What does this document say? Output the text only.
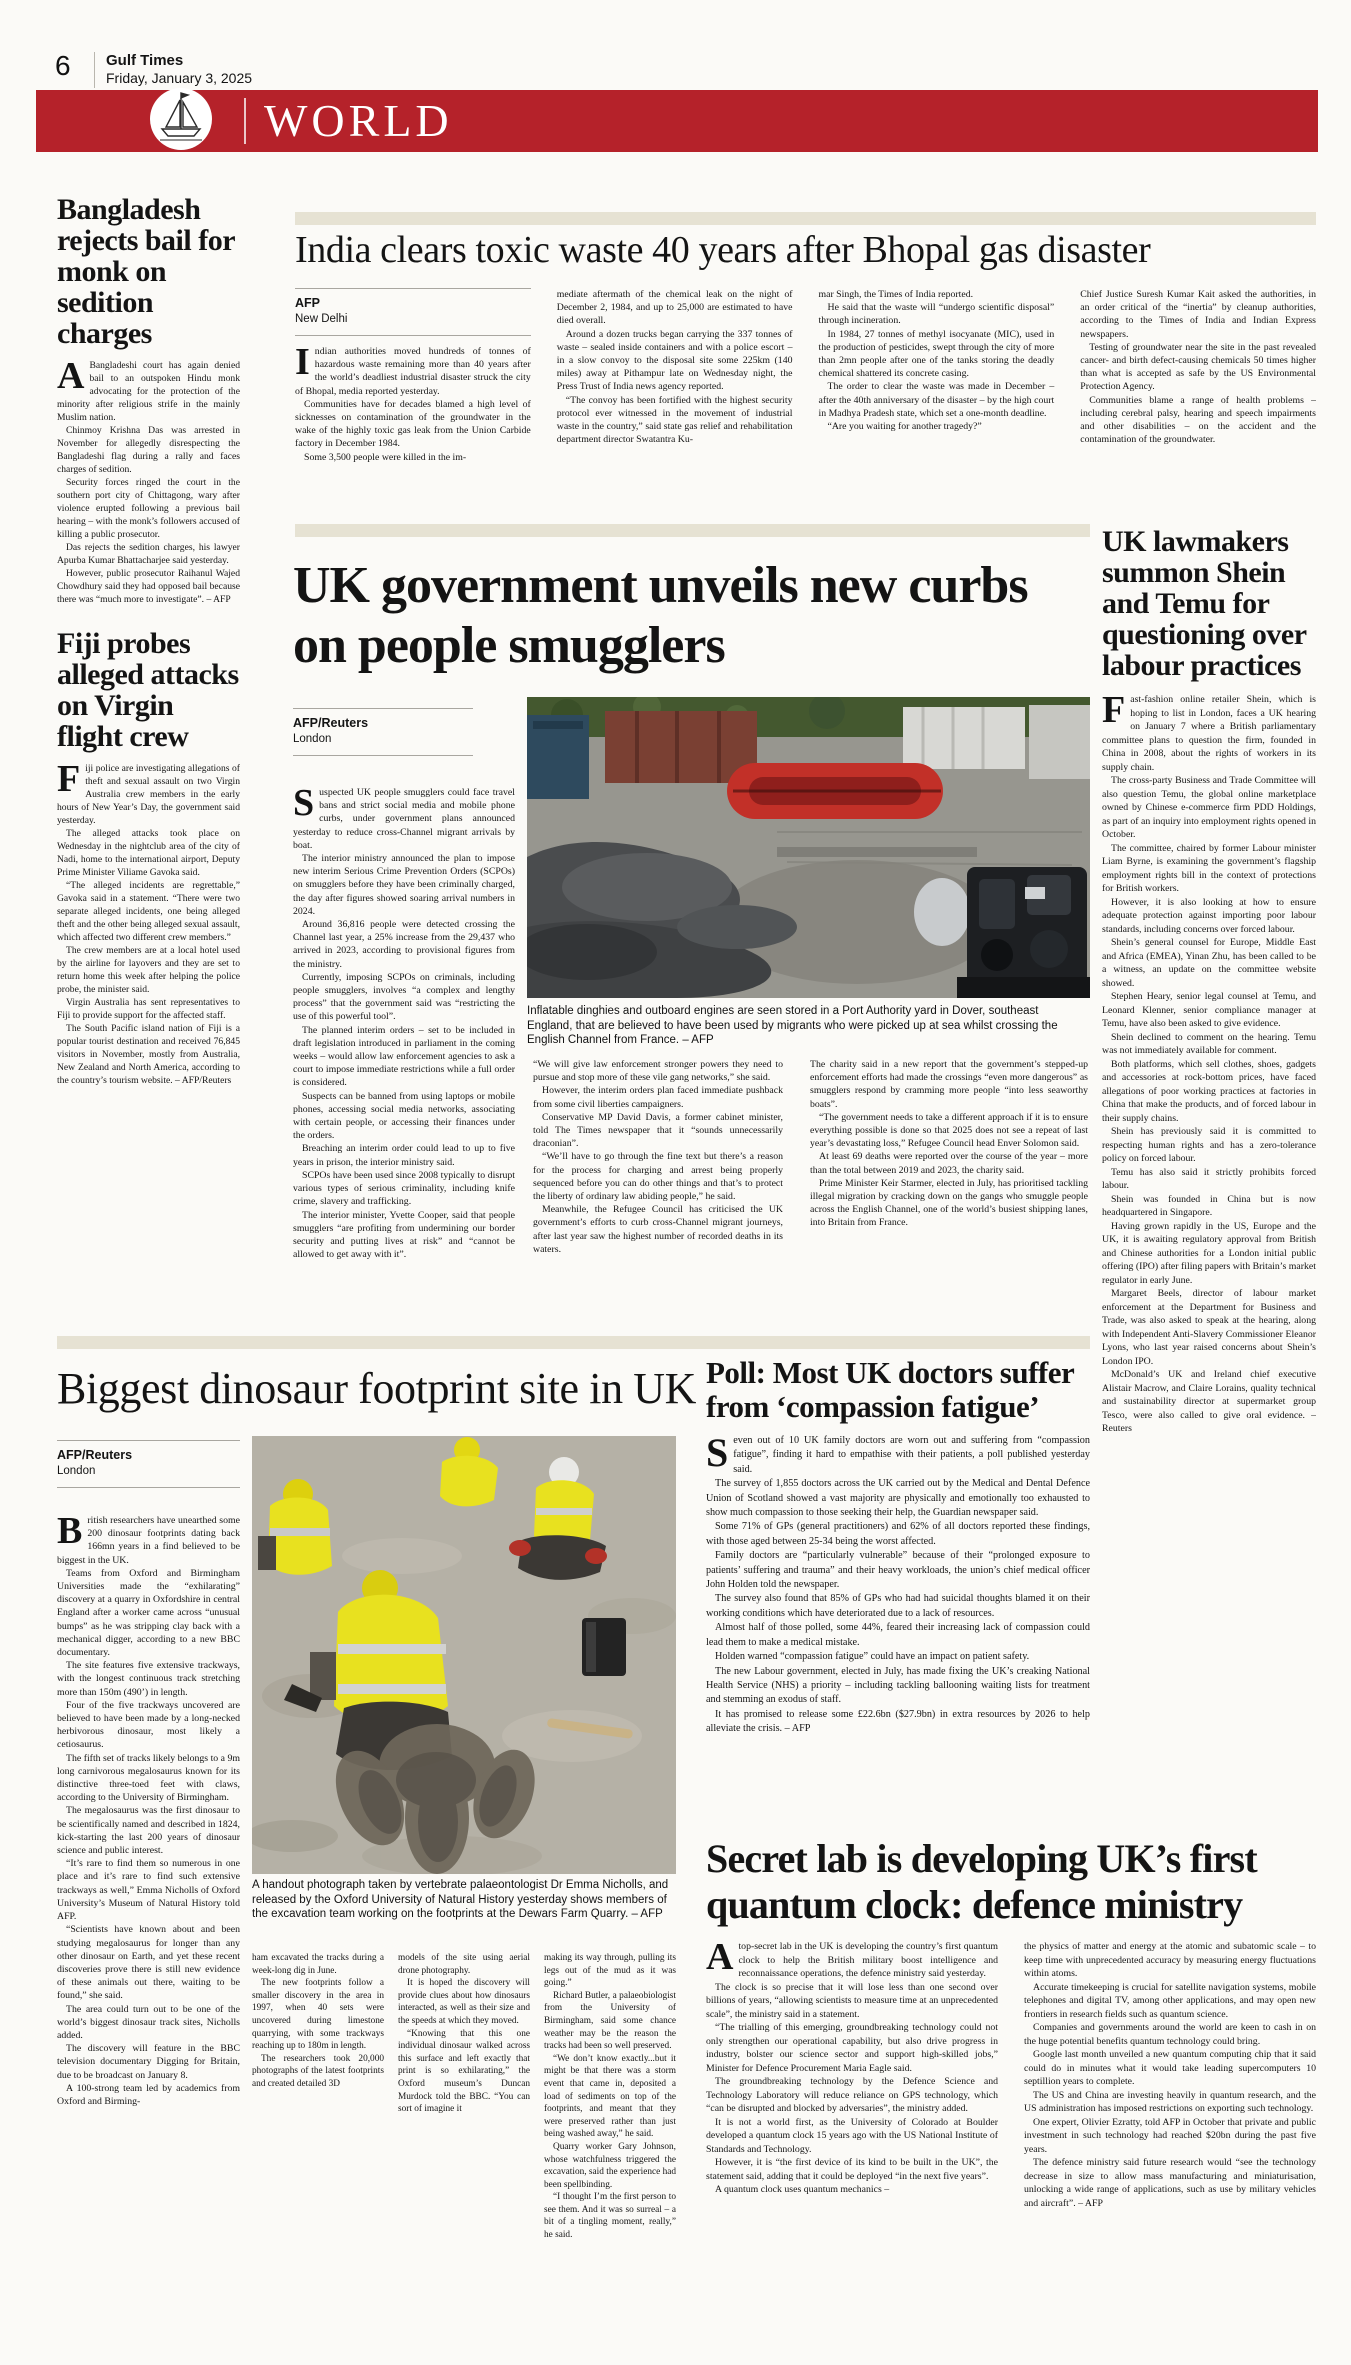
6 Gulf Times
Friday, January 3, 2025
WORLD
India clears toxic waste 40 years after Bhopal gas disaster
AFP
New Delhi
I ndian authorities moved hundreds of tonnes of hazardous waste remaining more than 40 years after the world’s deadliest industrial disaster struck the city of Bhopal, media reported yesterday.

Communities have for decades blamed a high level of sicknesses on contamination of the groundwater in the wake of the highly toxic gas leak from the Union Carbide factory in December 1984.

Some 3,500 people were killed in the im-

mediate aftermath of the chemical leak on the night of December 2, 1984, and up to 25,000 are estimated to have died overall.

Around a dozen trucks began carrying the 337 tonnes of waste – sealed inside containers and with a police escort – in a slow convoy to the disposal site some 225km (140 miles) away at Pithampur late on Wednesday night, the Press Trust of India news agency reported.

“The convoy has been fortified with the highest security protocol ever witnessed in the movement of industrial waste in the country,” said state gas relief and rehabilitation department director Swatantra Ku-

mar Singh, the Times of India reported.

He said that the waste will “undergo scientific disposal” through incineration.

In 1984, 27 tonnes of methyl isocyanate (MIC), used in the production of pesticides, swept through the city of more than 2mn people after one of the tanks storing the deadly chemical shattered its concrete casing.

The order to clear the waste was made in December – after the 40th anniversary of the disaster – by the high court in Madhya Pradesh state, which set a one-month deadline.

“Are you waiting for another tragedy?”

Chief Justice Suresh Kumar Kait asked the authorities, in an order critical of the “inertia” by cleanup authorities, according to the Times of India and Indian Express newspapers.

Testing of groundwater near the site in the past revealed cancer- and birth defect-causing chemicals 50 times higher than what is accepted as safe by the US Environmental Protection Agency.

Communities blame a range of health problems – including cerebral palsy, hearing and speech impairments and other disabilities – on the accident and the contamination of the groundwater.

Bangladesh rejects bail for monk on sedition charges
A Bangladeshi court has again denied bail to an outspoken Hindu monk advocating for the protection of the minority after religious strife in the mainly Muslim nation.

Chinmoy Krishna Das was arrested in November for allegedly disrespecting the Bangladeshi flag during a rally and faces charges of sedition.

Security forces ringed the court in the southern port city of Chittagong, wary after violence erupted following a previous bail hearing – with the monk’s followers accused of killing a public prosecutor.

Das rejects the sedition charges, his lawyer Apurba Kumar Bhattacharjee said yesterday.

However, public prosecutor Raihanul Wajed Chowdhury said they had opposed bail because there was “much more to investigate”. – AFP

Fiji probes alleged attacks on Virgin flight crew
F iji police are investigating allegations of theft and sexual assault on two Virgin Australia crew members in the early hours of New Year’s Day, the government said yesterday.

The alleged attacks took place on Wednesday in the nightclub area of the city of Nadi, home to the international airport, Deputy Prime Minister Viliame Gavoka said.

“The alleged incidents are regrettable,” Gavoka said in a statement. “There were two separate alleged incidents, one being alleged theft and the other being alleged sexual assault, which affected two different crew members.”

The crew members are at a local hotel used by the airline for layovers and they are set to return home this week after helping the police probe, the minister said.

Virgin Australia has sent representatives to Fiji to provide support for the affected staff.

The South Pacific island nation of Fiji is a popular tourist destination and received 76,845 visitors in November, mostly from Australia, New Zealand and North America, according to the country’s tourism website. – AFP/Reuters

UK government unveils new curbs on people smugglers
AFP/Reuters
London
S uspected UK people smugglers could face travel bans and strict social media and mobile phone curbs, under government plans announced yesterday to reduce cross-Channel migrant arrivals by boat.

The interior ministry announced the plan to impose new interim Serious Crime Prevention Orders (SCPOs) on smugglers before they have been criminally charged, the day after figures showed soaring arrival numbers in 2024.

Around 36,816 people were detected crossing the Channel last year, a 25% increase from the 29,437 who arrived in 2023, according to provisional figures from the ministry.

Currently, imposing SCPOs on criminals, including people smugglers, involves “a complex and lengthy process” that the government said was “restricting the use of this powerful tool”.

The planned interim orders – set to be included in draft legislation introduced in parliament in the coming weeks – would allow law enforcement agencies to ask a court to impose immediate restrictions while a full order is considered.

Suspects can be banned from using laptops or mobile phones, accessing social media networks, associating with certain people, or accessing their finances under the orders.

Breaching an interim order could lead to up to five years in prison, the interior ministry said.

SCPOs have been used since 2008 typically to disrupt various types of serious criminality, including knife crime, slavery and trafficking.

The interior minister, Yvette Cooper, said that people smugglers “are profiting from undermining our border security and putting lives at risk” and “cannot be allowed to get away with it”.

Inflatable dinghies and outboard engines are seen stored in a Port Authority yard in Dover, southeast England, that are believed to have been used by migrants who were picked up at sea whilst crossing the English Channel from France. – AFP

“We will give law enforcement stronger powers they need to pursue and stop more of these vile gang networks,” she said.

However, the interim orders plan faced immediate pushback from some civil liberties campaigners.

Conservative MP David Davis, a former cabinet minister, told The Times newspaper that it “sounds unnecessarily draconian”.

“We’ll have to go through the fine text but there’s a reason for the process for charging and arrest being properly sequenced before you can do other things and that’s to protect the liberty of ordinary law abiding people,” he said.

Meanwhile, the Refugee Council has criticised the UK government’s efforts to curb cross-Channel migrant journeys, after last year saw the highest number of recorded deaths in its waters.

The charity said in a new report that the government’s stepped-up enforcement efforts had made the crossings “even more dangerous” as smugglers respond by cramming more people “into less seaworthy boats”.

“The government needs to take a different approach if it is to ensure everything possible is done so that 2025 does not see a repeat of last year’s devastating loss,” Refugee Council head Enver Solomon said.

At least 69 deaths were reported over the course of the year – more than the total between 2019 and 2023, the charity said.

Prime Minister Keir Starmer, elected in July, has prioritised tackling illegal migration by cracking down on the gangs who smuggle people across the English Channel, one of the world’s busiest shipping lanes, into Britain from France.

UK lawmakers summon Shein and Temu for questioning over labour practices
F ast-fashion online retailer Shein, which is hoping to list in London, faces a UK hearing on January 7 where a British parliamentary committee plans to question the firm, founded in China in 2008, about the rights of workers in its supply chain.

The cross-party Business and Trade Committee will also question Temu, the global online marketplace owned by Chinese e-commerce firm PDD Holdings, as part of an inquiry into employment rights opened in October.

The committee, chaired by former Labour minister Liam Byrne, is examining the government’s flagship employment rights bill in the context of protections for British workers.

However, it is also looking at how to ensure adequate protection against importing poor labour standards, including concerns over forced labour.

Shein’s general counsel for Europe, Middle East and Africa (EMEA), Yinan Zhu, has been called to be a witness, an update on the committee website showed.

Stephen Heary, senior legal counsel at Temu, and Leonard Klenner, senior compliance manager at Temu, have also been asked to give evidence.

Shein declined to comment on the hearing. Temu was not immediately available for comment.

Both platforms, which sell clothes, shoes, gadgets and accessories at rock-bottom prices, have faced allegations of poor working practices at factories in China that make the products, and of forced labour in their supply chains.

Shein has previously said it is committed to respecting human rights and has a zero-tolerance policy on forced labour.

Temu has also said it strictly prohibits forced labour.

Shein was founded in China but is now headquartered in Singapore.

Having grown rapidly in the US, Europe and the UK, it is awaiting regulatory approval from British and Chinese authorities for a London initial public offering (IPO) after filing papers with Britain’s market regulator in early June.

Margaret Beels, director of labour market enforcement at the Department for Business and Trade, was also asked to speak at the hearing, along with Independent Anti-Slavery Commissioner Eleanor Lyons, who last year raised concerns about Shein’s London IPO.

McDonald’s UK and Ireland chief executive Alistair Macrow, and Claire Lorains, quality technical and sustainability director at supermarket group Tesco, were also called to give oral evidence. – Reuters

Biggest dinosaur footprint site in UK
AFP/Reuters
London
B ritish researchers have unearthed some 200 dinosaur footprints dating back 166mn years in a find believed to be biggest in the UK.

Teams from Oxford and Birmingham Universities made the “exhilarating” discovery at a quarry in Oxfordshire in central England after a worker came across “unusual bumps” as he was stripping clay back with a mechanical digger, according to a new BBC documentary.

The site features five extensive trackways, with the longest continuous track stretching more than 150m (490’) in length.

Four of the five trackways uncovered are believed to have been made by a long-necked herbivorous dinosaur, most likely a cetiosaurus.

The fifth set of tracks likely belongs to a 9m long carnivorous megalosaurus known for its distinctive three-toed feet with claws, according to the University of Birmingham.

The megalosaurus was the first dinosaur to be scientifically named and described in 1824, kick-starting the last 200 years of dinosaur science and public interest.

“It’s rare to find them so numerous in one place and it’s rare to find such extensive trackways as well,” Emma Nicholls of Oxford University’s Museum of Natural History told AFP.

“Scientists have known about and been studying megalosaurus for longer than any other dinosaur on Earth, and yet these recent discoveries prove there is still new evidence of these animals out there, waiting to be found,” she said.

The area could turn out to be one of the world’s biggest dinosaur track sites, Nicholls added.

The discovery will feature in the BBC television documentary Digging for Britain, due to be broadcast on January 8.

A 100-strong team led by academics from Oxford and Birming-

A handout photograph taken by vertebrate palaeontologist Dr Emma Nicholls, and released by the Oxford University of Natural History yesterday shows members of the excavation team working on the footprints at the Dewars Farm Quarry. – AFP

ham excavated the tracks during a week-long dig in June.

The new footprints follow a smaller discovery in the area in 1997, when 40 sets were uncovered during limestone quarrying, with some trackways reaching up to 180m in length.

The researchers took 20,000 photographs of the latest footprints and created detailed 3D

models of the site using aerial drone photography.

It is hoped the discovery will provide clues about how dinosaurs interacted, as well as their size and the speeds at which they moved.

“Knowing that this one individual dinosaur walked across this surface and left exactly that print is so exhilarating,” the Oxford museum’s Duncan Murdock told the BBC. “You can sort of imagine it

making its way through, pulling its legs out of the mud as it was going.”

Richard Butler, a palaeobiologist from the University of Birmingham, said some chance weather may be the reason the tracks had been so well preserved.

“We don’t know exactly...but it might be that there was a storm event that came in, deposited a load of sediments on top of the footprints, and meant that they were preserved rather than just being washed away,” he said.

Quarry worker Gary Johnson, whose watchfulness triggered the excavation, said the experience had been spellbinding.

“I thought I’m the first person to see them. And it was so surreal – a bit of a tingling moment, really,” he said.

Poll: Most UK doctors suffer from ‘compassion fatigue’
S even out of 10 UK family doctors are worn out and suffering from “compassion fatigue”, finding it hard to empathise with their patients, a poll published yesterday said.

The survey of 1,855 doctors across the UK carried out by the Medical and Dental Defence Union of Scotland showed a vast majority are physically and emotionally too exhausted to show much compassion to those seeking their help, the Guardian newspaper said.

Some 71% of GPs (general practitioners) and 62% of all doctors reported these findings, with those aged between 25-34 being the worst affected.

Family doctors are “particularly vulnerable” because of their “prolonged exposure to patients’ suffering and trauma” and their heavy workloads, the union’s chief medical officer John Holden told the newspaper.

The survey also found that 85% of GPs who had had suicidal thoughts blamed it on their working conditions which have deteriorated due to a lack of resources.

Almost half of those polled, some 44%, feared their increasing lack of compassion could lead them to make a medical mistake.

Holden warned “compassion fatigue” could have an impact on patient safety.

The new Labour government, elected in July, has made fixing the UK’s creaking National Health Service (NHS) a priority – including tackling ballooning waiting lists for treatment and stemming an exodus of staff.

It has promised to release some £22.6bn ($27.9bn) in extra resources by 2026 to help alleviate the crisis. – AFP

Secret lab is developing UK’s first quantum clock: defence ministry
A top-secret lab in the UK is developing the country’s first quantum clock to help the British military boost intelligence and reconnaissance operations, the defence ministry said yesterday.

The clock is so precise that it will lose less than one second over billions of years, “allowing scientists to measure time at an unprecedented scale”, the ministry said in a statement.

“The trialling of this emerging, groundbreaking technology could not only strengthen our operational capability, but also drive progress in industry, bolster our science sector and support high-skilled jobs,” Minister for Defence Procurement Maria Eagle said.

The groundbreaking technology by the Defence Science and Technology Laboratory will reduce reliance on GPS technology, which “can be disrupted and blocked by adversaries”, the ministry added.

It is not a world first, as the University of Colorado at Boulder developed a quantum clock 15 years ago with the US National Institute of Standards and Technology.

However, it is “the first device of its kind to be built in the UK”, the statement said, adding that it could be deployed “in the next five years”.

A quantum clock uses quantum mechanics –

the physics of matter and energy at the atomic and subatomic scale – to keep time with unprecedented accuracy by measuring energy fluctuations within atoms.

Accurate timekeeping is crucial for satellite navigation systems, mobile telephones and digital TV, among other applications, and may open new frontiers in research fields such as quantum science.

Companies and governments around the world are keen to cash in on the huge potential benefits quantum technology could bring.

Google last month unveiled a new quantum computing chip that it said could do in minutes what it would take leading supercomputers 10 septillion years to complete.

The US and China are investing heavily in quantum research, and the US administration has imposed restrictions on exporting such technology.

One expert, Olivier Ezratty, told AFP in October that private and public investment in such technology had reached $20bn during the past five years.

The defence ministry said future research would “see the technology decrease in size to allow mass manufacturing and miniaturisation, unlocking a wide range of applications, such as use by military vehicles and aircraft”. – AFP
